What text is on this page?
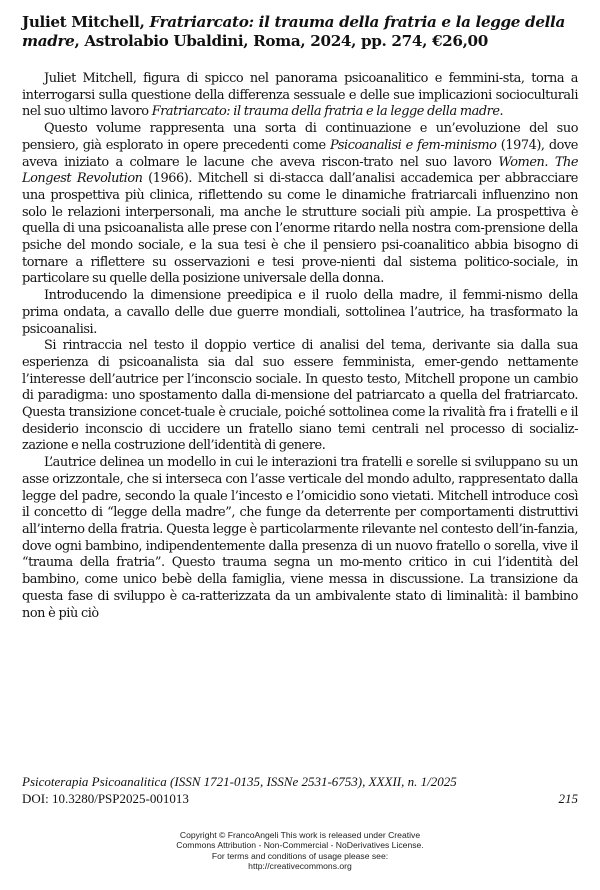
Juliet Mitchell, Fratriarcato: il trauma della fratria e la legge della madre, Astrolabio Ubaldini, Roma, 2024, pp. 274, €26,00

Juliet Mitchell, figura di spicco nel panorama psicoanalitico e femmini-sta, torna a interrogarsi sulla questione della differenza sessuale e delle sue implicazioni socioculturali nel suo ultimo lavoro Fratriarcato: il trauma della fratria e la legge della madre.

Questo volume rappresenta una sorta di continuazione e un’evoluzione del suo pensiero, già esplorato in opere precedenti come Psicoanalisi e fem-minismo (1974), dove aveva iniziato a colmare le lacune che aveva riscon-trato nel suo lavoro Women. The Longest Revolution (1966). Mitchell si di-stacca dall’analisi accademica per abbracciare una prospettiva più clinica, riflettendo su come le dinamiche fratriarcali influenzino non solo le relazioni interpersonali, ma anche le strutture sociali più ampie. La prospettiva è quella di una psicoanalista alle prese con l’enorme ritardo nella nostra com-prensione della psiche del mondo sociale, e la sua tesi è che il pensiero psi-coanalitico abbia bisogno di tornare a riflettere su osservazioni e tesi prove-nienti dal sistema politico-sociale, in particolare su quelle della posizione universale della donna.

Introducendo la dimensione preedipica e il ruolo della madre, il femmi-nismo della prima ondata, a cavallo delle due guerre mondiali, sottolinea l’autrice, ha trasformato la psicoanalisi.

Si rintraccia nel testo il doppio vertice di analisi del tema, derivante sia dalla sua esperienza di psicoanalista sia dal suo essere femminista, emer-gendo nettamente l’interesse dell’autrice per l’inconscio sociale. In questo testo, Mitchell propone un cambio di paradigma: uno spostamento dalla di-mensione del patriarcato a quella del fratriarcato. Questa transizione concet-tuale è cruciale, poiché sottolinea come la rivalità fra i fratelli e il desiderio inconscio di uccidere un fratello siano temi centrali nel processo di socializ-zazione e nella costruzione dell’identità di genere.

L’autrice delinea un modello in cui le interazioni tra fratelli e sorelle si sviluppano su un asse orizzontale, che si interseca con l’asse verticale del mondo adulto, rappresentato dalla legge del padre, secondo la quale l’incesto e l’omicidio sono vietati. Mitchell introduce così il concetto di “legge della madre”, che funge da deterrente per comportamenti distruttivi all’interno della fratria. Questa legge è particolarmente rilevante nel contesto dell’in-fanzia, dove ogni bambino, indipendentemente dalla presenza di un nuovo fratello o sorella, vive il “trauma della fratria”. Questo trauma segna un mo-mento critico in cui l’identità del bambino, come unico bebè della famiglia, viene messa in discussione. La transizione da questa fase di sviluppo è ca-ratterizzata da un ambivalente stato di liminalità: il bambino non è più ciò

Psicoterapia Psicoanalitica (ISSN 1721-0135, ISSNe 2531-6753), XXXII, n. 1/2025
DOI: 10.3280/PSP2025-001013	215
Copyright © FrancoAngeli This work is released under Creative
Commons Attribution - Non-Commercial - NoDerivatives License.
For terms and conditions of usage please see:
http://creativecommons.org
